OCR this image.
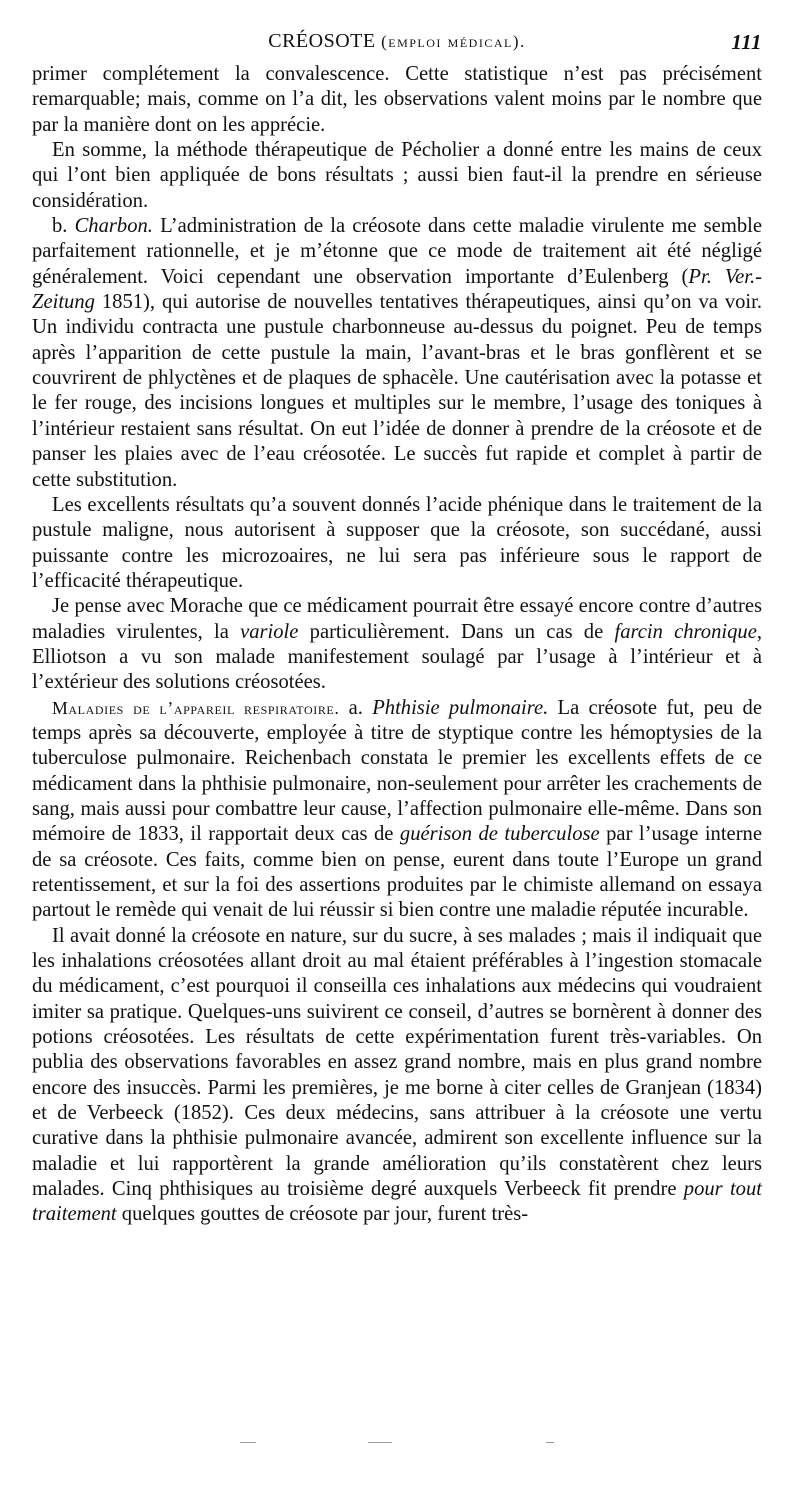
CRÉOSOTE (emploi médical).	111

primer complétement la convalescence. Cette statistique n’est pas précisément remarquable; mais, comme on l’a dit, les observations valent moins par le nombre que par la manière dont on les apprécie.

En somme, la méthode thérapeutique de Pécholier a donné entre les mains de ceux qui l’ont bien appliquée de bons résultats ; aussi bien faut-il la prendre en sérieuse considération.

b. Charbon. L’administration de la créosote dans cette maladie virulente me semble parfaitement rationnelle, et je m’étonne que ce mode de traitement ait été négligé généralement. Voici cependant une observation importante d’Eulenberg (Pr. Ver.-Zeitung 1851), qui autorise de nouvelles tentatives thérapeutiques, ainsi qu’on va voir. Un individu contracta une pustule charbonneuse au-dessus du poignet. Peu de temps après l’apparition de cette pustule la main, l’avant-bras et le bras gonflèrent et se couvrirent de phlyctènes et de plaques de sphacèle. Une cautérisation avec la potasse et le fer rouge, des incisions longues et multiples sur le membre, l’usage des toniques à l’intérieur restaient sans résultat. On eut l’idée de donner à prendre de la créosote et de panser les plaies avec de l’eau créosotée. Le succès fut rapide et complet à partir de cette substitution.

Les excellents résultats qu’a souvent donnés l’acide phénique dans le traitement de la pustule maligne, nous autorisent à supposer que la créosote, son succédané, aussi puissante contre les microzoaires, ne lui sera pas inférieure sous le rapport de l’efficacité thérapeutique.

Je pense avec Morache que ce médicament pourrait être essayé encore contre d’autres maladies virulentes, la variole particulièrement. Dans un cas de farcin chronique, Elliotson a vu son malade manifestement soulagé par l’usage à l’intérieur et à l’extérieur des solutions créosotées.

Maladies de l’appareil respiratoire. a. Phthisie pulmonaire. La créosote fut, peu de temps après sa découverte, employée à titre de styptique contre les hémoptysies de la tuberculose pulmonaire. Reichenbach constata le premier les excellents effets de ce médicament dans la phthisie pulmonaire, non-seulement pour arrêter les crachements de sang, mais aussi pour combattre leur cause, l’affection pulmonaire elle-même. Dans son mémoire de 1833, il rapportait deux cas de guérison de tuberculose par l’usage interne de sa créosote. Ces faits, comme bien on pense, eurent dans toute l’Europe un grand retentissement, et sur la foi des assertions produites par le chimiste allemand on essaya partout le remède qui venait de lui réussir si bien contre une maladie réputée incurable.

Il avait donné la créosote en nature, sur du sucre, à ses malades ; mais il indiquait que les inhalations créosotées allant droit au mal étaient préférables à l’ingestion stomacale du médicament, c’est pourquoi il conseilla ces inhalations aux médecins qui voudraient imiter sa pratique. Quelques-uns suivirent ce conseil, d’autres se bornèrent à donner des potions créosotées. Les résultats de cette expérimentation furent très-variables. On publia des observations favorables en assez grand nombre, mais en plus grand nombre encore des insuccès. Parmi les premières, je me borne à citer celles de Granjean (1834) et de Verbeeck (1852). Ces deux médecins, sans attribuer à la créosote une vertu curative dans la phthisie pulmonaire avancée, admirent son excellente influence sur la maladie et lui rapportèrent la grande amélioration qu’ils constatèrent chez leurs malades. Cinq phthisiques au troisième degré auxquels Verbeeck fit prendre pour tout traitement quelques gouttes de créosote par jour, furent très-
